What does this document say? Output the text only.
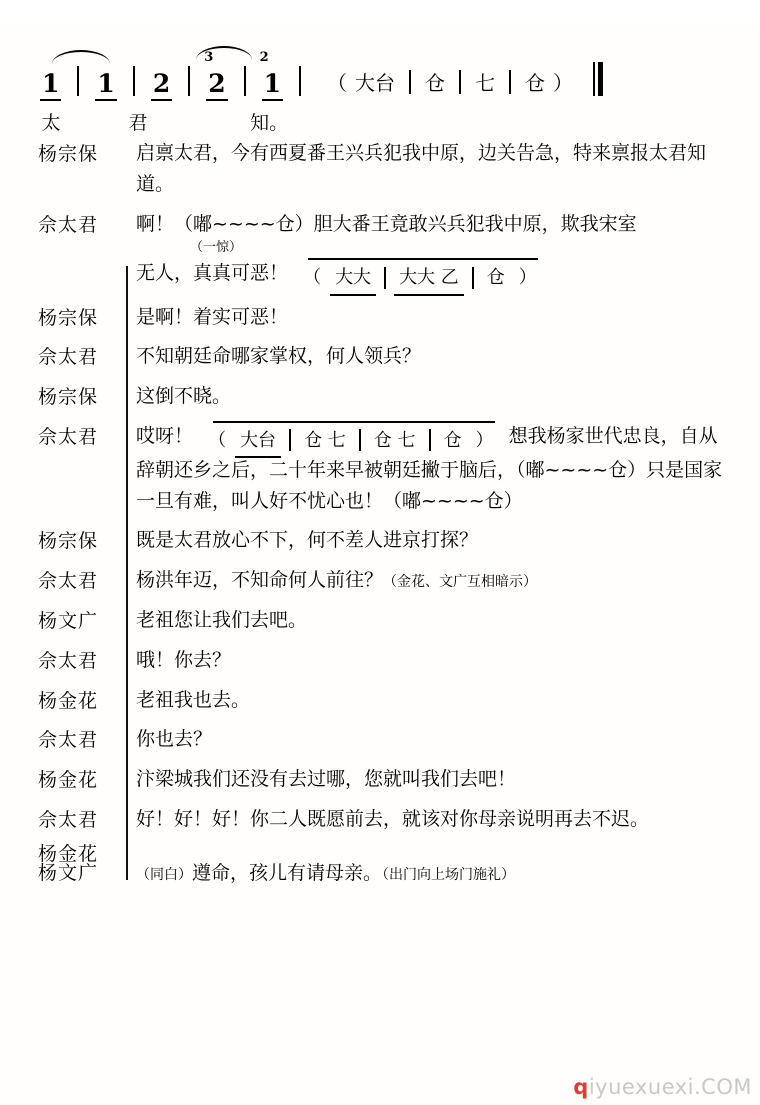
1 1 2
3
2
2
1 （ 大台 仓 七 仓 ）
太	君	知。
杨宗保	启禀太君，今有西夏番王兴兵犯我中原，边关告急，特来禀报太君知道。
佘太君	啊！（嘟~~~~仓）胆大番王竟敢兴兵犯我中原，欺我宋室
（一惊）
无人，真真可恶！ （ 大大	大大 乙	仓 ）
杨宗保	是啊！着实可恶！
佘太君	不知朝廷命哪家掌权，何人领兵？
杨宗保	这倒不晓。
佘太君	哎呀！ （ 大台	仓 七	仓 七	仓 ） 想我杨家世代忠良，自从辞朝还乡之后，二十年来早被朝廷撇于脑后，（嘟~~~~仓）只是国家一旦有难，叫人好不忧心也！（嘟~~~~仓）
杨宗保	既是太君放心不下，何不差人进京打探？
佘太君	杨洪年迈，不知命何人前往？（金花、文广互相暗示）
杨文广	老祖您让我们去吧。
佘太君	哦！你去？
杨金花	老祖我也去。
佘太君	你也去？
杨金花	汴梁城我们还没有去过哪，您就叫我们去吧！
佘太君	好！好！好！你二人既愿前去，就该对你母亲说明再去不迟。
杨金花
杨文广	（同白）遵命，孩儿有请母亲。（出门向上场门施礼）
qiyuexuexi.COM
